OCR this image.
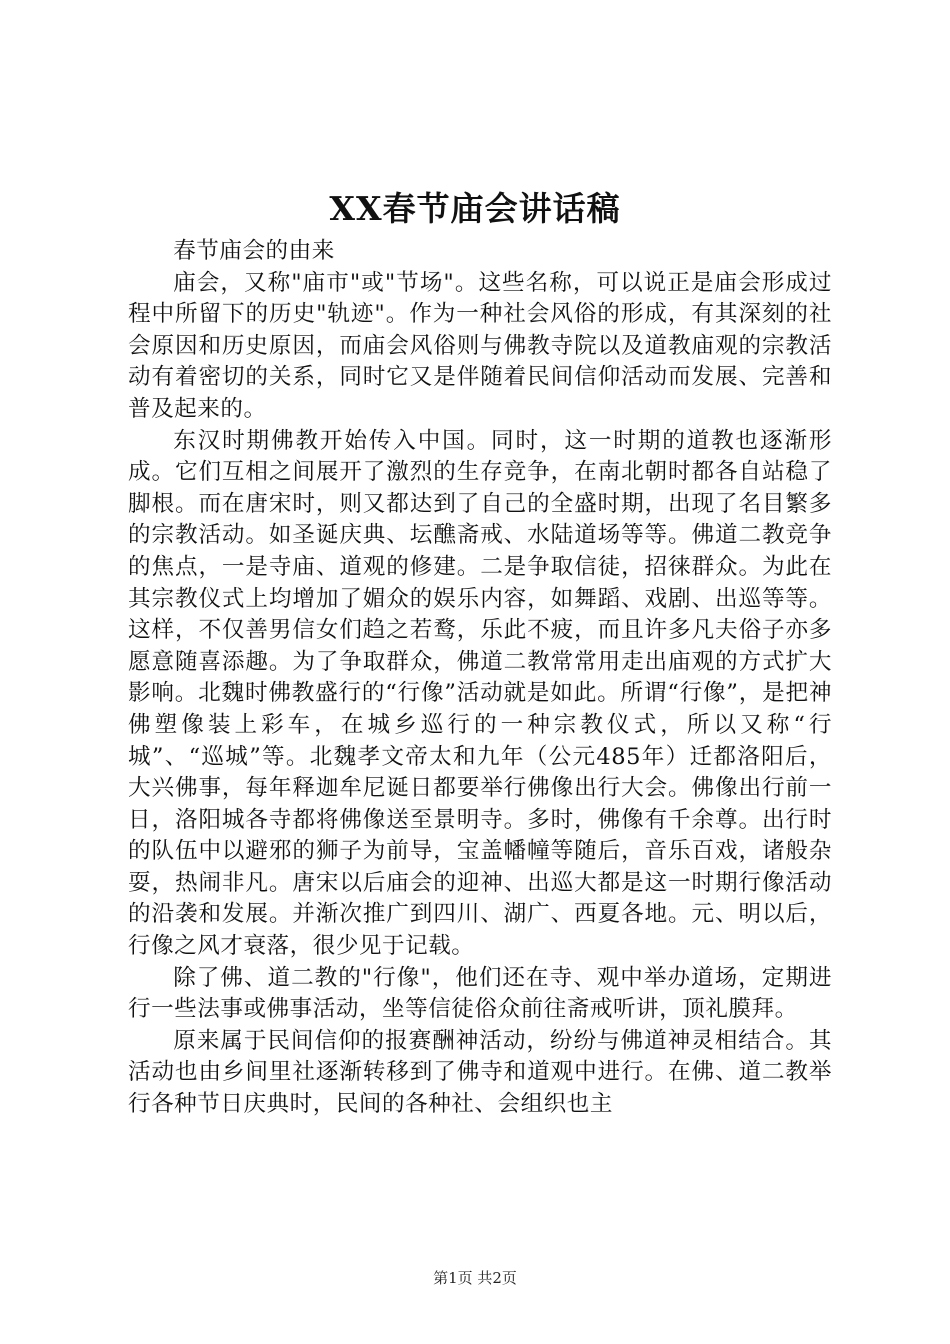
XX春节庙会讲话稿

春节庙会的由来

庙会，又称"庙市"或"节场"。这些名称，可以说正是庙会形成过程中所留下的历史"轨迹"。作为一种社会风俗的形成，有其深刻的社会原因和历史原因，而庙会风俗则与佛教寺院以及道教庙观的宗教活动有着密切的关系，同时它又是伴随着民间信仰活动而发展、完善和普及起来的。

东汉时期佛教开始传入中国。同时，这一时期的道教也逐渐形成。它们互相之间展开了激烈的生存竞争，在南北朝时都各自站稳了脚根。而在唐宋时，则又都达到了自己的全盛时期，出现了名目繁多的宗教活动。如圣诞庆典、坛醮斋戒、水陆道场等等。佛道二教竞争的焦点，一是寺庙、道观的修建。二是争取信徒，招徕群众。为此在其宗教仪式上均增加了媚众的娱乐内容，如舞蹈、戏剧、出巡等等。这样，不仅善男信女们趋之若鹜，乐此不疲，而且许多凡夫俗子亦多愿意随喜添趣。为了争取群众，佛道二教常常用走出庙观的方式扩大影响。北魏时佛教盛行的“行像”活动就是如此。所谓“行像”，是把神佛塑像装上彩车，在城乡巡行的一种宗教仪式，所以又称“行城”、“巡城”等。北魏孝文帝太和九年（公元485年）迁都洛阳后，大兴佛事，每年释迦牟尼诞日都要举行佛像出行大会。佛像出行前一日，洛阳城各寺都将佛像送至景明寺。多时，佛像有千余尊。出行时的队伍中以避邪的狮子为前导，宝盖幡幢等随后，音乐百戏，诸般杂耍，热闹非凡。唐宋以后庙会的迎神、出巡大都是这一时期行像活动的沿袭和发展。并渐次推广到四川、湖广、西夏各地。元、明以后，行像之风才衰落，很少见于记载。

除了佛、道二教的"行像"，他们还在寺、观中举办道场，定期进行一些法事或佛事活动，坐等信徒俗众前往斋戒听讲，顶礼膜拜。

原来属于民间信仰的报赛酬神活动，纷纷与佛道神灵相结合。其活动也由乡间里社逐渐转移到了佛寺和道观中进行。在佛、道二教举行各种节日庆典时，民间的各种社、会组织也主

第1页 共2页
